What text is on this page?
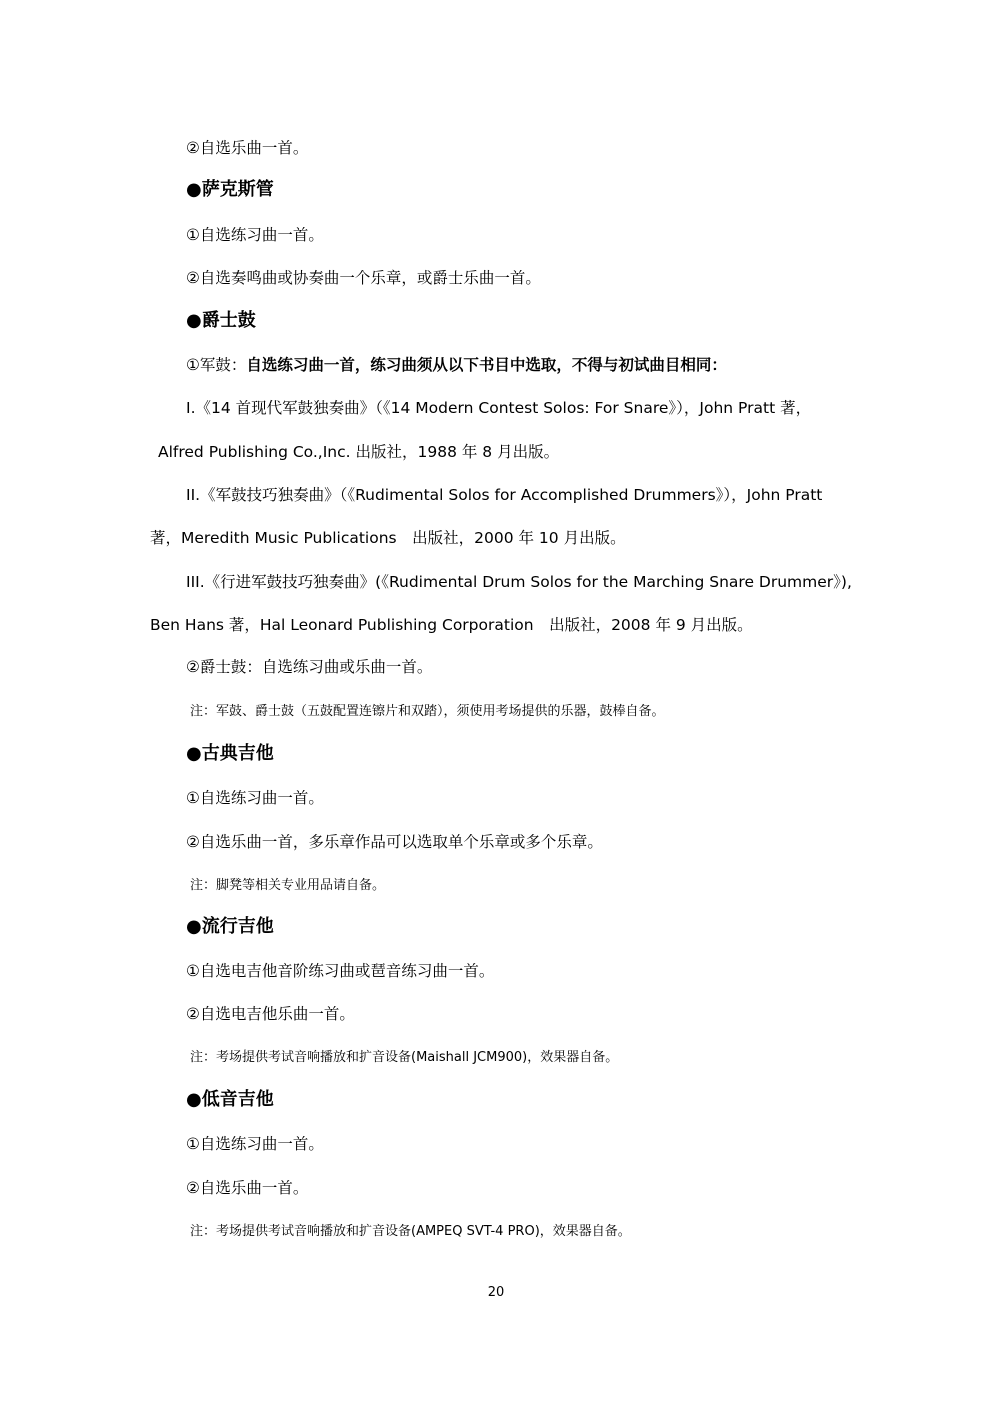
②自选乐曲一首。
●萨克斯管
①自选练习曲一首。
②自选奏鸣曲或协奏曲一个乐章，或爵士乐曲一首。
●爵士鼓
①军鼓：自选练习曲一首，练习曲须从以下书目中选取，不得与初试曲目相同：
I.《14 首现代军鼓独奏曲》（《14 Modern Contest Solos: For Snare》），John Pratt 著，
Alfred Publishing Co.,Inc. 出版社，1988 年 8 月出版。
II.《军鼓技巧独奏曲》（《Rudimental Solos for Accomplished Drummers》），John Pratt
著，Meredith Music Publications　出版社，2000 年 10 月出版。
III.《行进军鼓技巧独奏曲》(《Rudimental Drum Solos for the Marching Snare Drummer》),
Ben Hans 著，Hal Leonard Publishing Corporation　出版社，2008 年 9 月出版。
②爵士鼓：自选练习曲或乐曲一首。
注：军鼓、爵士鼓（五鼓配置连镲片和双踏），须使用考场提供的乐器，鼓棒自备。
●古典吉他
①自选练习曲一首。
②自选乐曲一首，多乐章作品可以选取单个乐章或多个乐章。
注：脚凳等相关专业用品请自备。
●流行吉他
①自选电吉他音阶练习曲或琶音练习曲一首。
②自选电吉他乐曲一首。
注：考场提供考试音响播放和扩音设备(Maishall JCM900)，效果器自备。
●低音吉他
①自选练习曲一首。
②自选乐曲一首。
注：考场提供考试音响播放和扩音设备(AMPEQ SVT-4 PRO)，效果器自备。
20
